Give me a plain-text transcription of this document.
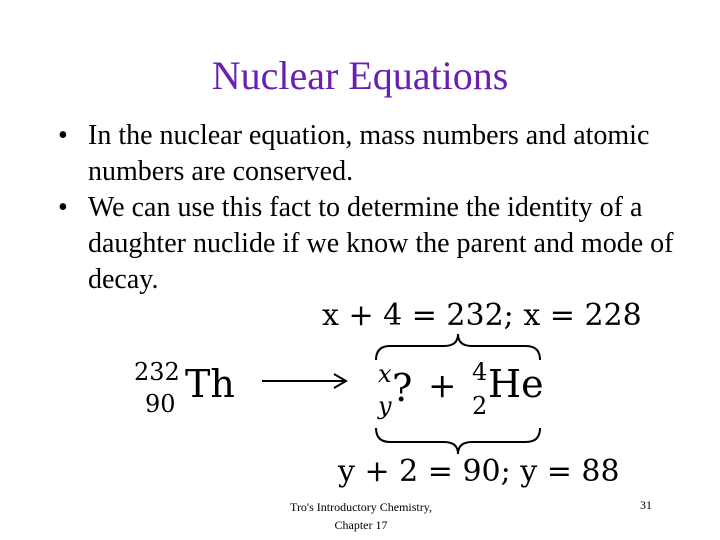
Nuclear Equations
• In the nuclear equation, mass numbers and atomic numbers are conserved.
• We can use this fact to determine the identity of a daughter nuclide if we know the parent and mode of decay.
x + 4 = 232; x = 228
232
90 Th	x
y ? + 4
2 He
y + 2 = 90; y = 88
Tro's Introductory Chemistry,
Chapter 17
31
